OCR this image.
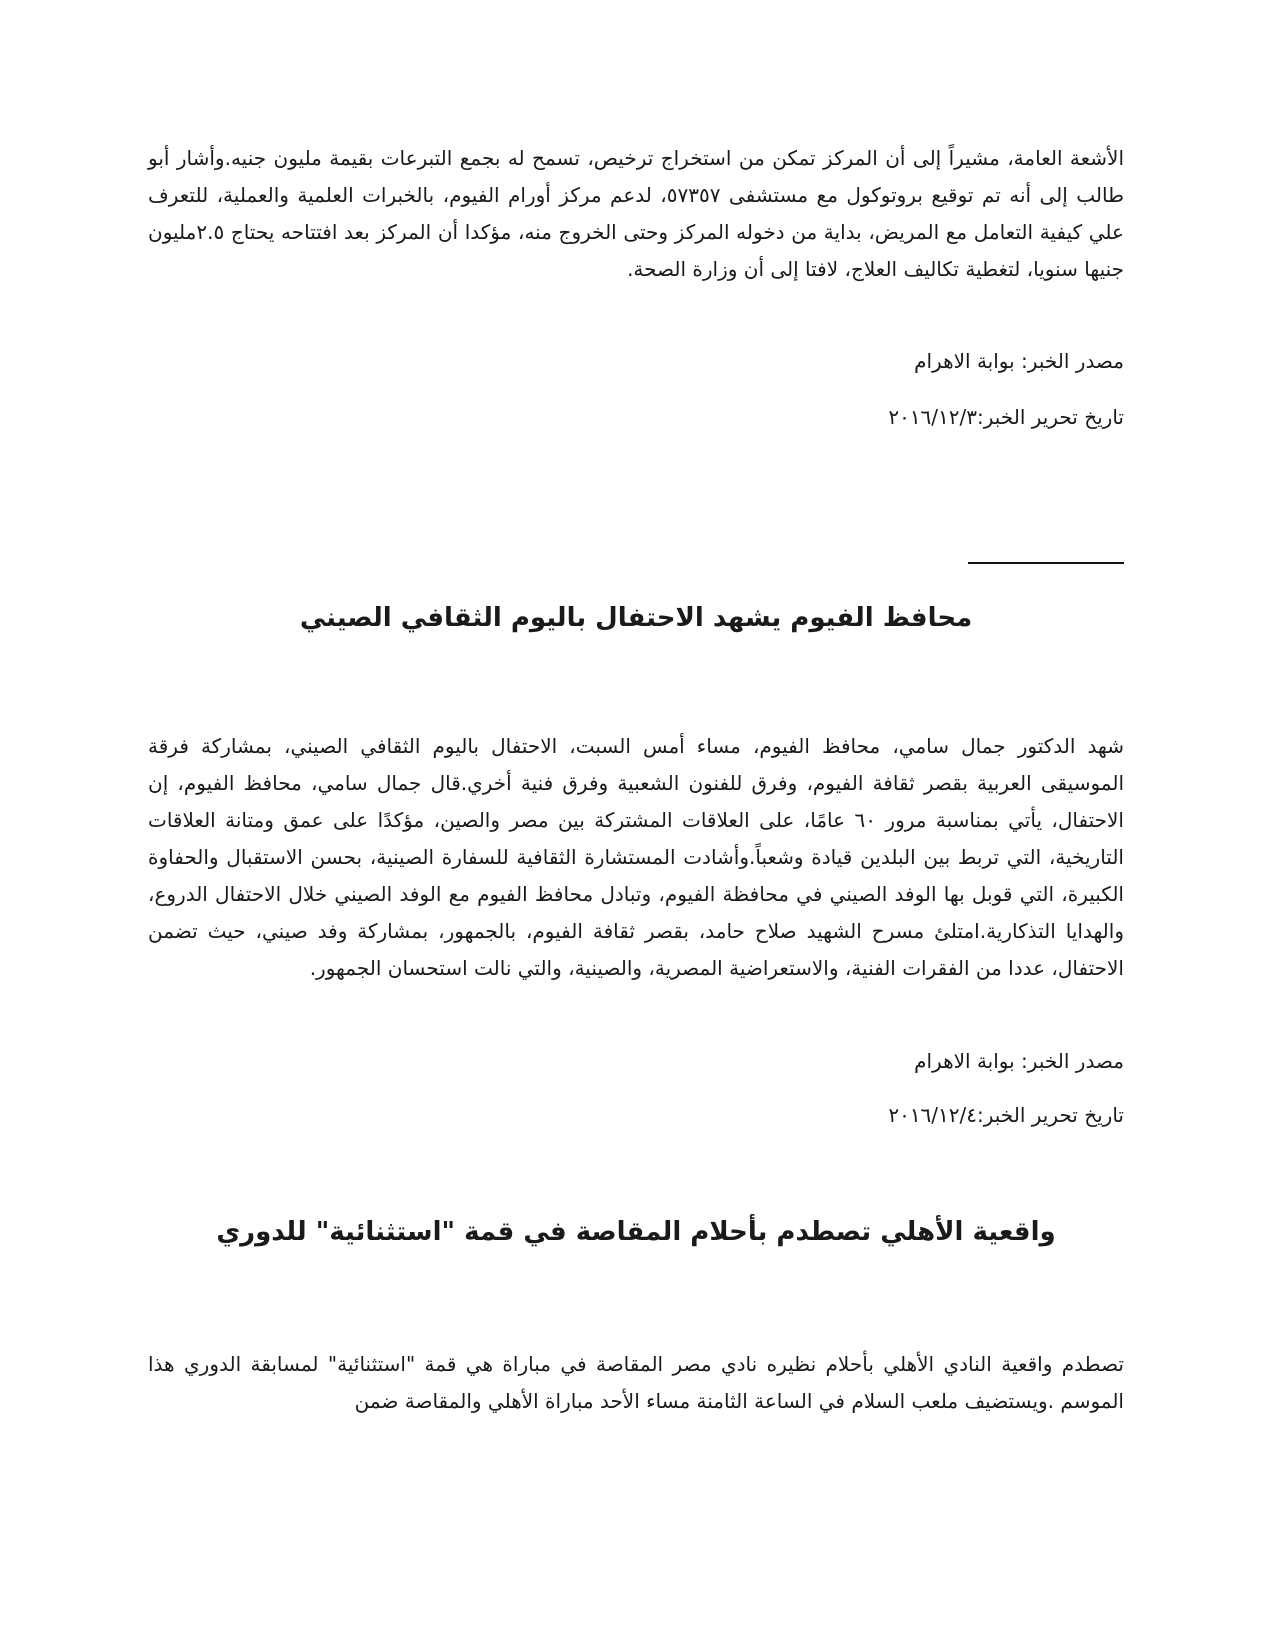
الأشعة العامة، مشيراً إلى أن المركز تمكن من استخراج ترخيص، تسمح له بجمع التبرعات بقيمة مليون جنيه.وأشار أبو طالب إلى أنه تم توقيع بروتوكول مع مستشفى ٥٧٣٥٧، لدعم مركز أورام الفيوم، بالخبرات العلمية والعملية، للتعرف علي كيفية التعامل مع المريض، بداية من دخوله المركز وحتى الخروج منه، مؤكدا أن المركز بعد افتتاحه يحتاج ٢.٥مليون جنيها سنويا، لتغطية تكاليف العلاج، لافتا إلى أن وزارة الصحة.

مصدر الخبر: بوابة الاهرام

تاريخ تحرير الخبر:٢٠١٦/١٢/٣

محافظ الفيوم يشهد الاحتفال باليوم الثقافي الصيني

شهد الدكتور جمال سامي، محافظ الفيوم، مساء أمس السبت، الاحتفال باليوم الثقافي الصيني، بمشاركة فرقة الموسيقى العربية بقصر ثقافة الفيوم، وفرق للفنون الشعبية وفرق فنية أخري.قال جمال سامي، محافظ الفيوم، إن الاحتفال، يأتي بمناسبة مرور ٦٠ عامًا، على العلاقات المشتركة بين مصر والصين، مؤكدًا على عمق ومتانة العلاقات التاريخية، التي تربط بين البلدين قيادة وشعباً.وأشادت المستشارة الثقافية للسفارة الصينية، بحسن الاستقبال والحفاوة الكبيرة، التي قوبل بها الوفد الصيني في محافظة الفيوم، وتبادل محافظ الفيوم مع الوفد الصيني خلال الاحتفال الدروع، والهدايا التذكارية.امتلئ مسرح الشهيد صلاح حامد، بقصر ثقافة الفيوم، بالجمهور، بمشاركة وفد صيني، حيث تضمن الاحتفال، عددا من الفقرات الفنية، والاستعراضية المصرية، والصينية، والتي نالت استحسان الجمهور.

مصدر الخبر: بوابة الاهرام

تاريخ تحرير الخبر:٢٠١٦/١٢/٤

واقعية الأهلي تصطدم بأحلام المقاصة في قمة "استثنائية" للدوري

تصطدم واقعية النادي الأهلي بأحلام نظيره نادي مصر المقاصة في مباراة هي قمة "استثنائية" لمسابقة الدوري هذا الموسم .ويستضيف ملعب السلام في الساعة الثامنة مساء الأحد مباراة الأهلي والمقاصة ضمن
